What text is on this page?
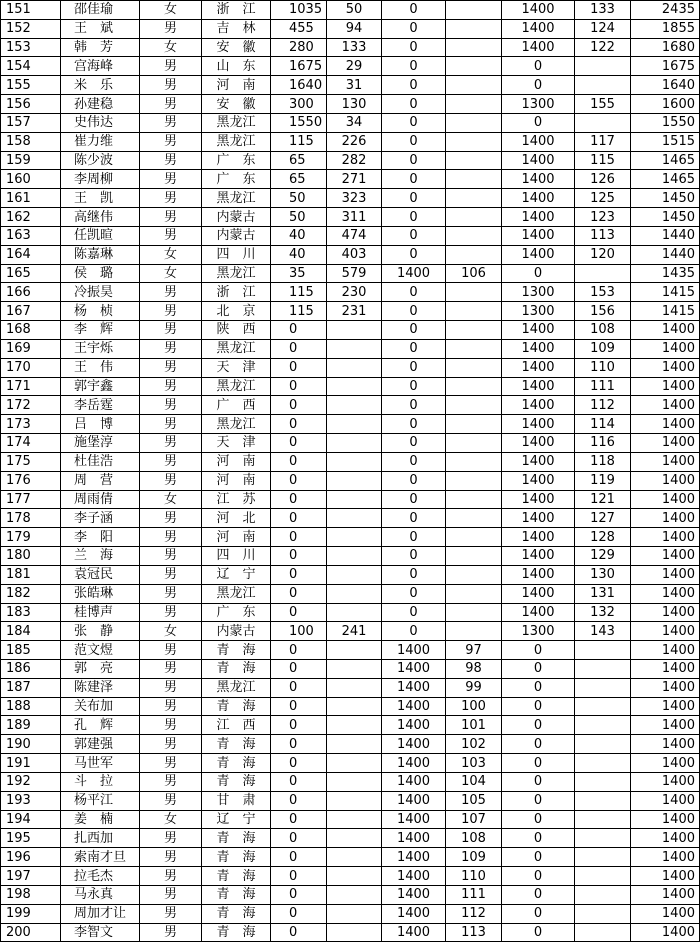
151	邵佳瑜	女	浙　江	1035	50	0		1400	133	2435
152	王　斌	男	吉　林	455	94	0		1400	124	1855
153	韩　芳	女	安　徽	280	133	0		1400	122	1680
154	宫海峰	男	山　东	1675	29	0		0		1675
155	米　乐	男	河　南	1640	31	0		0		1640
156	孙建稳	男	安　徽	300	130	0		1300	155	1600
157	史伟达	男	黑龙江	1550	34	0		0		1550
158	崔力维	男	黑龙江	115	226	0		1400	117	1515
159	陈少波	男	广　东	65	282	0		1400	115	1465
160	李周柳	男	广　东	65	271	0		1400	126	1465
161	王　凯	男	黑龙江	50	323	0		1400	125	1450
162	高继伟	男	内蒙古	50	311	0		1400	123	1450
163	任凯暄	男	内蒙古	40	474	0		1400	113	1440
164	陈嘉琳	女	四　川	40	403	0		1400	120	1440
165	侯　璐	女	黑龙江	35	579	1400	106	0		1435
166	冷振昊	男	浙　江	115	230	0		1300	153	1415
167	杨　桢	男	北　京	115	231	0		1300	156	1415
168	李　辉	男	陕　西	0		0		1400	108	1400
169	王宇烁	男	黑龙江	0		0		1400	109	1400
170	王　伟	男	天　津	0		0		1400	110	1400
171	郭宇鑫	男	黑龙江	0		0		1400	111	1400
172	李岳霆	男	广　西	0		0		1400	112	1400
173	吕　博	男	黑龙江	0		0		1400	114	1400
174	施堡淳	男	天　津	0		0		1400	116	1400
175	杜佳浩	男	河　南	0		0		1400	118	1400
176	周　营	男	河　南	0		0		1400	119	1400
177	周雨倩	女	江　苏	0		0		1400	121	1400
178	李子涵	男	河　北	0		0		1400	127	1400
179	李　阳	男	河　南	0		0		1400	128	1400
180	兰　海	男	四　川	0		0		1400	129	1400
181	袁冠民	男	辽　宁	0		0		1400	130	1400
182	张皓琳	男	黑龙江	0		0		1400	131	1400
183	桂博声	男	广　东	0		0		1400	132	1400
184	张　静	女	内蒙古	100	241	0		1300	143	1400
185	范文煜	男	青　海	0		1400	97	0		1400
186	郭　亮	男	青　海	0		1400	98	0		1400
187	陈建泽	男	黑龙江	0		1400	99	0		1400
188	关布加	男	青　海	0		1400	100	0		1400
189	孔　辉	男	江　西	0		1400	101	0		1400
190	郭建强	男	青　海	0		1400	102	0		1400
191	马世军	男	青　海	0		1400	103	0		1400
192	斗　拉	男	青　海	0		1400	104	0		1400
193	杨平江	男	甘　肃	0		1400	105	0		1400
194	姜　楠	女	辽　宁	0		1400	107	0		1400
195	扎西加	男	青　海	0		1400	108	0		1400
196	索南才旦	男	青　海	0		1400	109	0		1400
197	拉毛杰	男	青　海	0		1400	110	0		1400
198	马永真	男	青　海	0		1400	111	0		1400
199	周加才让	男	青　海	0		1400	112	0		1400
200	李智文	男	青　海	0		1400	113	0		1400
